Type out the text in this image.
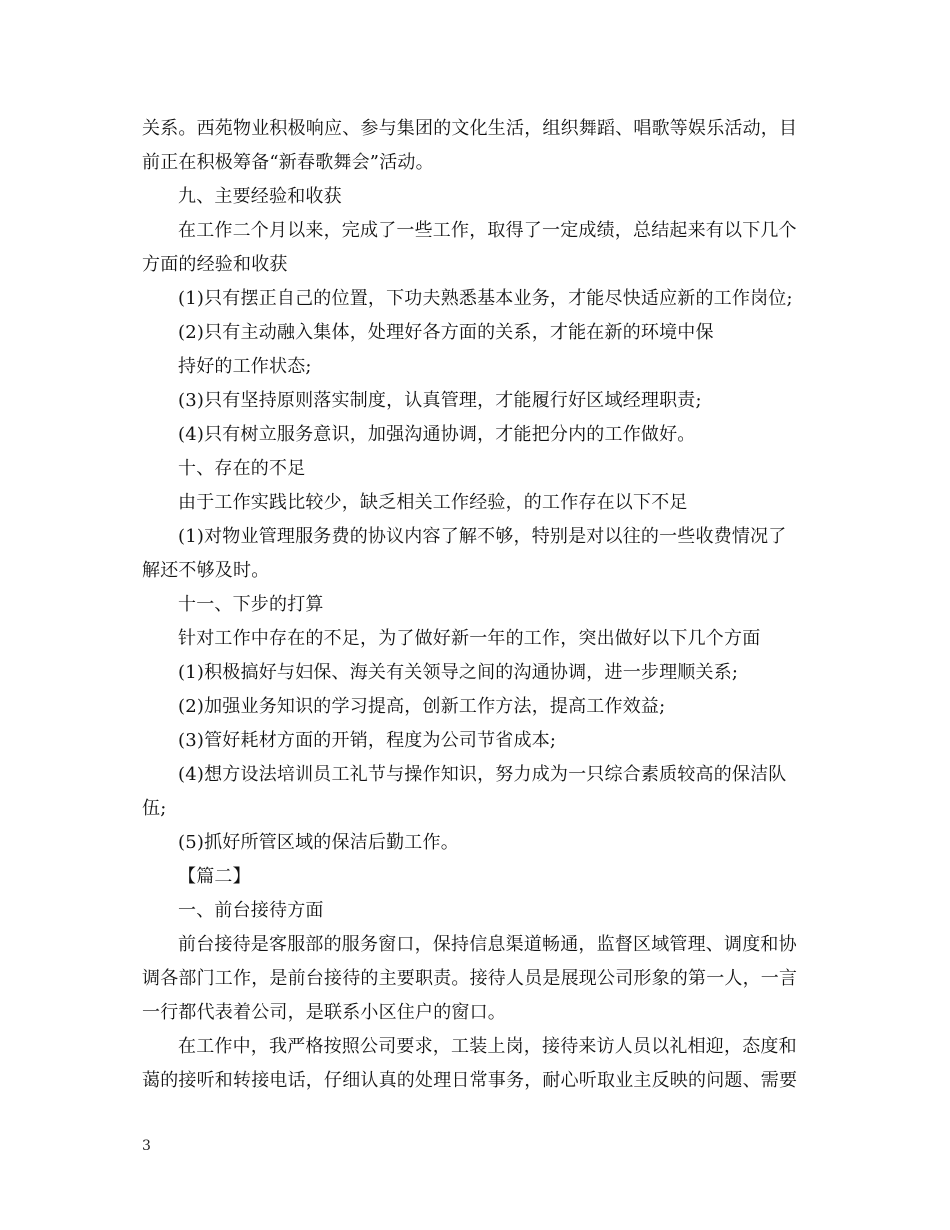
关系。西苑物业积极响应、参与集团的文化生活，组织舞蹈、唱歌等娱乐活动，目

前正在积极筹备“新春歌舞会”活动。

九、主要经验和收获

在工作二个月以来，完成了一些工作，取得了一定成绩，总结起来有以下几个

方面的经验和收获

(1)只有摆正自己的位置，下功夫熟悉基本业务，才能尽快适应新的工作岗位;

(2)只有主动融入集体，处理好各方面的关系，才能在新的环境中保

持好的工作状态;

(3)只有坚持原则落实制度，认真管理，才能履行好区域经理职责;

(4)只有树立服务意识，加强沟通协调，才能把分内的工作做好。

十、存在的不足

由于工作实践比较少，缺乏相关工作经验，的工作存在以下不足

(1)对物业管理服务费的协议内容了解不够，特别是对以往的一些收费情况了

解还不够及时。

十一、下步的打算

针对工作中存在的不足，为了做好新一年的工作，突出做好以下几个方面

(1)积极搞好与妇保、海关有关领导之间的沟通协调，进一步理顺关系;

(2)加强业务知识的学习提高，创新工作方法，提高工作效益;

(3)管好耗材方面的开销，程度为公司节省成本;

(4)想方设法培训员工礼节与操作知识，努力成为一只综合素质较高的保洁队

伍;

(5)抓好所管区域的保洁后勤工作。

【篇二】

一、前台接待方面

前台接待是客服部的服务窗口，保持信息渠道畅通，监督区域管理、调度和协

调各部门工作，是前台接待的主要职责。接待人员是展现公司形象的第一人，一言

一行都代表着公司，是联系小区住户的窗口。

在工作中，我严格按照公司要求，工装上岗，接待来访人员以礼相迎，态度和

蔼的接听和转接电话，仔细认真的处理日常事务，耐心听取业主反映的问题、需要

3
